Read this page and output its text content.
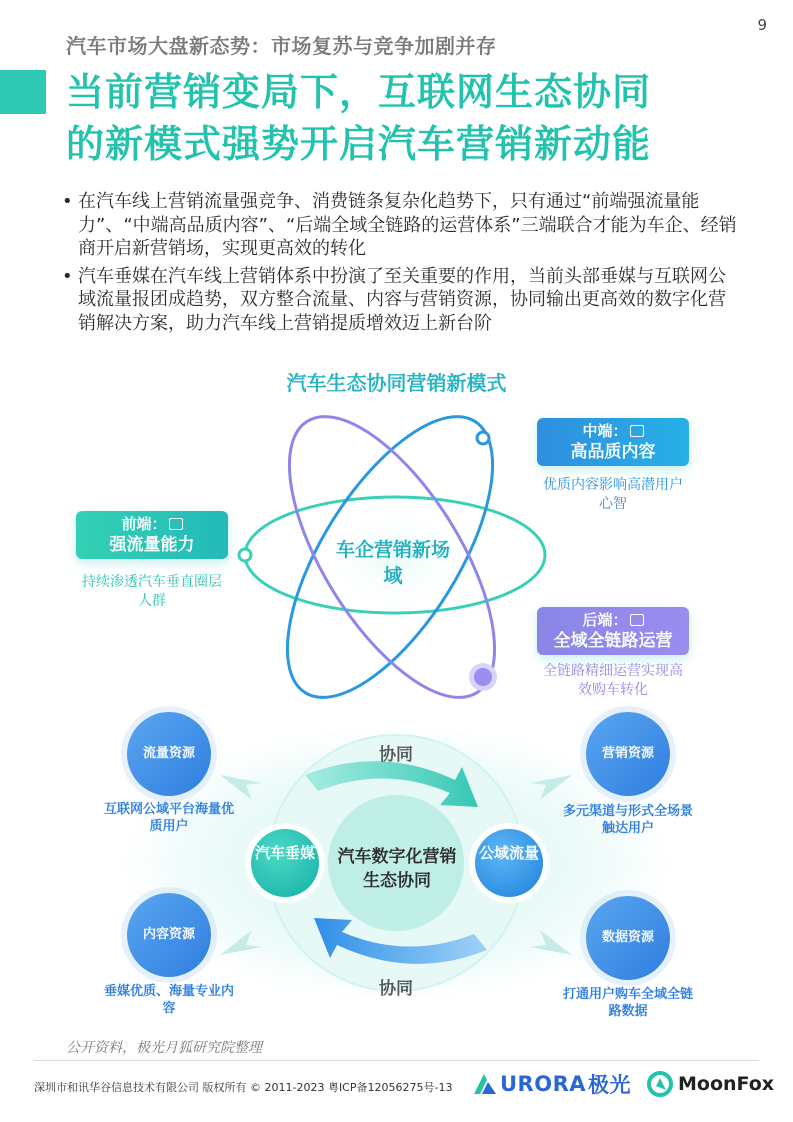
9
汽车市场大盘新态势：市场复苏与竞争加剧并存
当前营销变局下，互联网生态协同
的新模式强势开启汽车营销新动能
• 在汽车线上营销流量强竞争、消费链条复杂化趋势下，只有通过“前端强流量能力”、“中端高品质内容”、“后端全域全链路的运营体系”三端联合才能为车企、经销商开启新营销场，实现更高效的转化
• 汽车垂媒在汽车线上营销体系中扮演了至关重要的作用，当前头部垂媒与互联网公域流量报团成趋势，双方整合流量、内容与营销资源，协同输出更高效的数字化营销解决方案，助力汽车线上营销提质增效迈上新台阶
汽车生态协同营销新模式
车企营销新场域
前端：
强流量能力
持续渗透汽车垂直圈层人群
中端：
高品质内容
优质内容影响高潜用户心智
后端：
全域全链路运营
全链路精细运营实现高效购车转化
协同
协同
汽车数字化营销生态协同
汽车垂媒	公域流量
流量资源
互联网公域平台海量优质用户
营销资源
多元渠道与形式全场景触达用户
内容资源
垂媒优质、海量专业内容
数据资源
打通用户购车全域全链路数据
公开资料，极光月狐研究院整理
深圳市和讯华谷信息技术有限公司 版权所有 © 2011-2023 粤ICP备12056275号-13 URORA 极光 MoonFox
